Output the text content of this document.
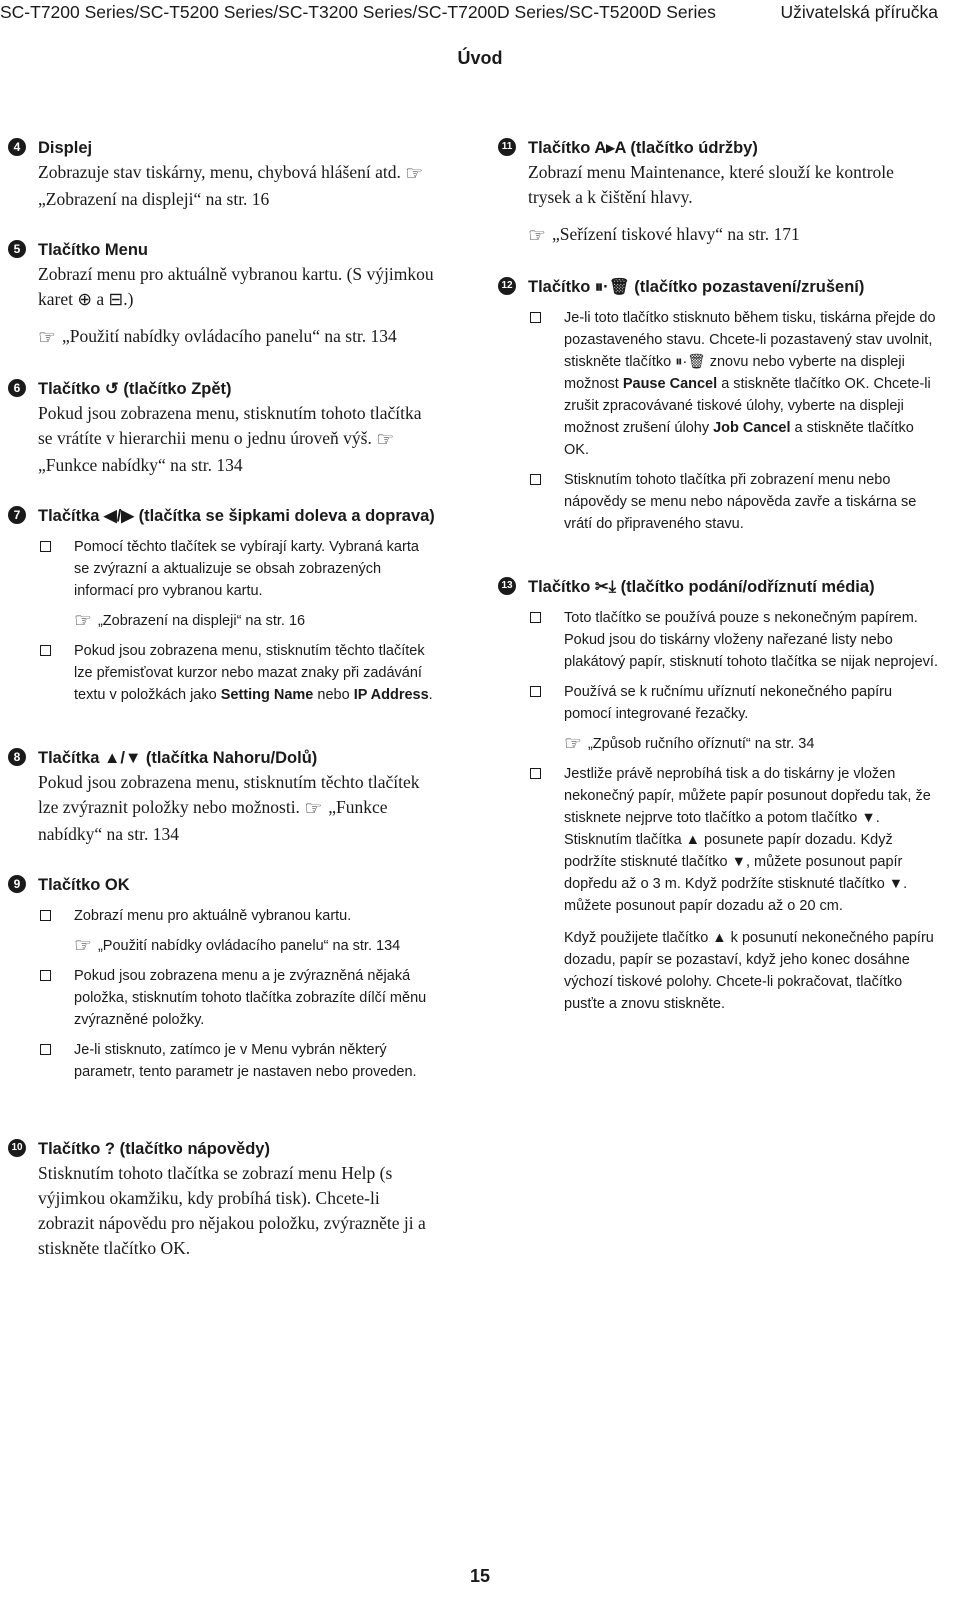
SC-T7200 Series/SC-T5200 Series/SC-T3200 Series/SC-T7200D Series/SC-T5200D Series	Uživatelská příručka
Úvod
4	Displej
Zobrazuje stav tiskárny, menu, chybová hlášení atd. ☞„Zobrazení na displeji“ na str. 16
5	Tlačítko Menu
Zobrazí menu pro aktuálně vybranou kartu. (S výjimkou karet ⊕ a ⊟.)
☞ „Použití nabídky ovládacího panelu“ na str. 134
6	Tlačítko ↺ (tlačítko Zpět)
Pokud jsou zobrazena menu, stisknutím tohoto tlačítka se vrátíte v hierarchii menu o jednu úroveň výš. ☞„Funkce nabídky“ na str. 134
7	Tlačítka ◀/▶ (tlačítka se šipkami doleva a doprava)
Pomocí těchto tlačítek se vybírají karty. Vybraná karta se zvýrazní a aktualizuje se obsah zobrazených informací pro vybranou kartu.
☞ „Zobrazení na displeji“ na str. 16
Pokud jsou zobrazena menu, stisknutím těchto tlačítek lze přemisťovat kurzor nebo mazat znaky při zadávání textu v položkách jako Setting Name nebo IP Address.
8	Tlačítka ▲/▼ (tlačítka Nahoru/Dolů)
Pokud jsou zobrazena menu, stisknutím těchto tlačítek lze zvýraznit položky nebo možnosti. ☞ „Funkce nabídky“ na str. 134
9	Tlačítko OK
Zobrazí menu pro aktuálně vybranou kartu.
☞ „Použití nabídky ovládacího panelu“ na str. 134
Pokud jsou zobrazena menu a je zvýrazněná nějaká položka, stisknutím tohoto tlačítka zobrazíte dílčí měnu zvýrazněné položky.
Je-li stisknuto, zatímco je v Menu vybrán některý parametr, tento parametr je nastaven nebo proveden.
10 Tlačítko ? (tlačítko nápovědy)
Stisknutím tohoto tlačítka se zobrazí menu Help (s výjimkou okamžiku, kdy probíhá tisk). Chcete-li zobrazit nápovědu pro nějakou položku, zvýrazněte ji a stiskněte tlačítko OK.
11 Tlačítko A▸A (tlačítko údržby)
Zobrazí menu Maintenance, které slouží ke kontrole trysek a k čištění hlavy.
☞ „Seřízení tiskové hlavy“ na str. 171
12 Tlačítko ⏸·🗑 (tlačítko pozastavení/zrušení)
Je-li toto tlačítko stisknuto během tisku, tiskárna přejde do pozastaveného stavu. Chcete-li pozastavený stav uvolnit, stiskněte tlačítko ⏸·🗑 znovu nebo vyberte na displeji možnost Pause Cancel a stiskněte tlačítko OK. Chcete-li zrušit zpracovávané tiskové úlohy, vyberte na displeji možnost zrušení úlohy Job Cancel a stiskněte tlačítko OK.
Stisknutím tohoto tlačítka při zobrazení menu nebo nápovědy se menu nebo nápověda zavře a tiskárna se vrátí do připraveného stavu.
13 Tlačítko ✂⤓ (tlačítko podání/odříznutí média)
Toto tlačítko se používá pouze s nekonečným papírem. Pokud jsou do tiskárny vloženy nařezané listy nebo plakátový papír, stisknutí tohoto tlačítka se nijak neprojeví.
Používá se k ručnímu uříznutí nekonečného papíru pomocí integrované řezačky.
☞ „Způsob ručního oříznutí“ na str. 34
Jestliže právě neprobíhá tisk a do tiskárny je vložen nekonečný papír, můžete papír posunout dopředu tak, že stisknete nejprve toto tlačítko a potom tlačítko ▼. Stisknutím tlačítka ▲ posunete papír dozadu. Když podržíte stisknuté tlačítko ▼, můžete posunout papír dopředu až o 3 m. Když podržíte stisknuté tlačítko ▼. můžete posunout papír dozadu až o 20 cm.
Když použijete tlačítko ▲ k posunutí nekonečného papíru dozadu, papír se pozastaví, když jeho konec dosáhne výchozí tiskové polohy. Chcete-li pokračovat, tlačítko pusťte a znovu stiskněte.
15
